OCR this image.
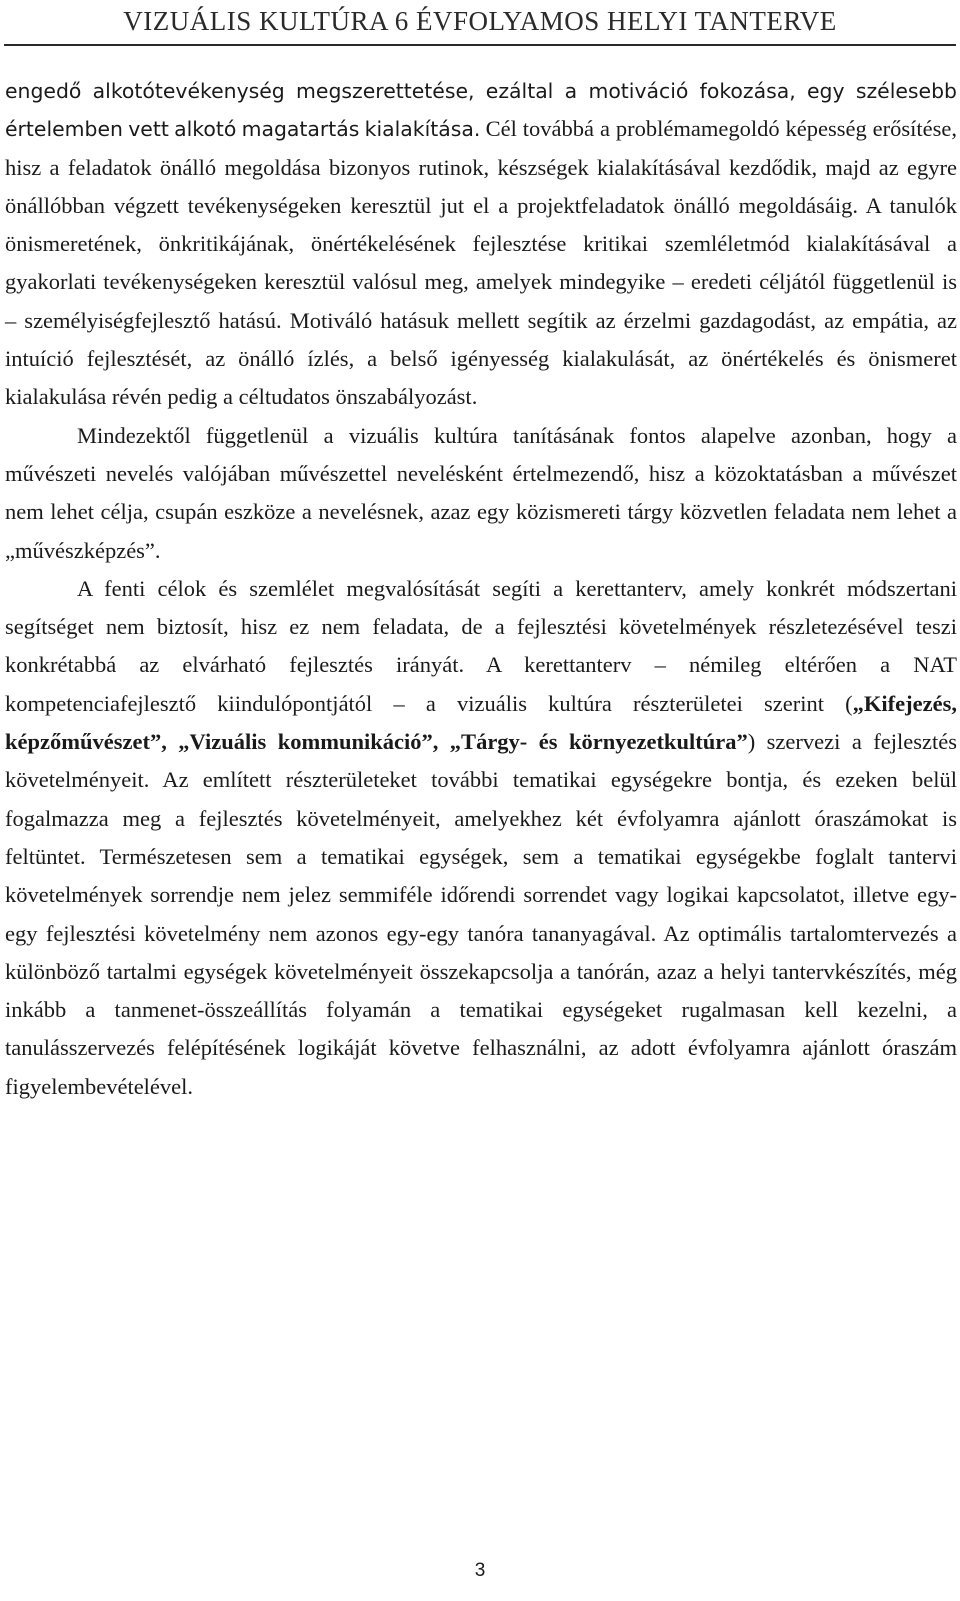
VIZUÁLIS KULTÚRA 6 ÉVFOLYAMOS HELYI TANTERVE

engedő alkotótevékenység megszerettetése, ezáltal a motiváció fokozása, egy szélesebb értelemben vett alkotó magatartás kialakítása. Cél továbbá a problémamegoldó képesség erősítése, hisz a feladatok önálló megoldása bizonyos rutinok, készségek kialakításával kezdődik, majd az egyre önállóbban végzett tevékenységeken keresztül jut el a projektfeladatok önálló megoldásáig. A tanulók önismeretének, önkritikájának, önértékelésének fejlesztése kritikai szemléletmód kialakításával a gyakorlati tevékenységeken keresztül valósul meg, amelyek mindegyike – eredeti céljától függetlenül is – személyiségfejlesztő hatású. Motiváló hatásuk mellett segítik az érzelmi gazdagodást, az empátia, az intuíció fejlesztését, az önálló ízlés, a belső igényesség kialakulását, az önértékelés és önismeret kialakulása révén pedig a céltudatos önszabályozást.

Mindezektől függetlenül a vizuális kultúra tanításának fontos alapelve azonban, hogy a művészeti nevelés valójában művészettel nevelésként értelmezendő, hisz a közoktatásban a művészet nem lehet célja, csupán eszköze a nevelésnek, azaz egy közismereti tárgy közvetlen feladata nem lehet a „művészképzés”.

A fenti célok és szemlélet megvalósítását segíti a kerettanterv, amely konkrét módszertani segítséget nem biztosít, hisz ez nem feladata, de a fejlesztési követelmények részletezésével teszi konkrétabbá az elvárható fejlesztés irányát. A kerettanterv – némileg eltérően a NAT kompetenciafejlesztő kiindulópontjától – a vizuális kultúra részterületei szerint („Kifejezés, képzőművészet”, „Vizuális kommunikáció”, „Tárgy- és környezetkultúra”) szervezi a fejlesztés követelményeit. Az említett részterületeket további tematikai egységekre bontja, és ezeken belül fogalmazza meg a fejlesztés követelményeit, amelyekhez két évfolyamra ajánlott óraszámokat is feltüntet. Természetesen sem a tematikai egységek, sem a tematikai egységekbe foglalt tantervi követelmények sorrendje nem jelez semmiféle időrendi sorrendet vagy logikai kapcsolatot, illetve egy-egy fejlesztési követelmény nem azonos egy-egy tanóra tananyagával. Az optimális tartalomtervezés a különböző tartalmi egységek követelményeit összekapcsolja a tanórán, azaz a helyi tantervkészítés, még inkább a tanmenet-összeállítás folyamán a tematikai egységeket rugalmasan kell kezelni, a tanulásszervezés felépítésének logikáját követve felhasználni, az adott évfolyamra ajánlott óraszám figyelembevételével.

3
